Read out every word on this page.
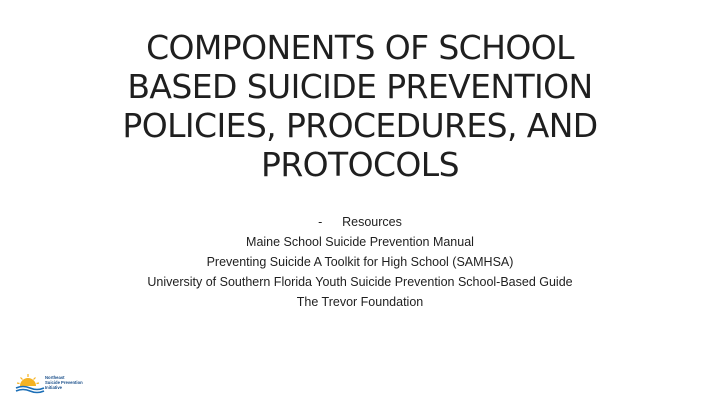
COMPONENTS OF SCHOOL
BASED SUICIDE PREVENTION
POLICIES, PROCEDURES, AND
PROTOCOLS
- Resources
Maine School Suicide Prevention Manual
Preventing Suicide A Toolkit for High School (SAMHSA)
University of Southern Florida Youth Suicide Prevention School-Based Guide
The Trevor Foundation
Northeast
Suicide Prevention
Initiative
